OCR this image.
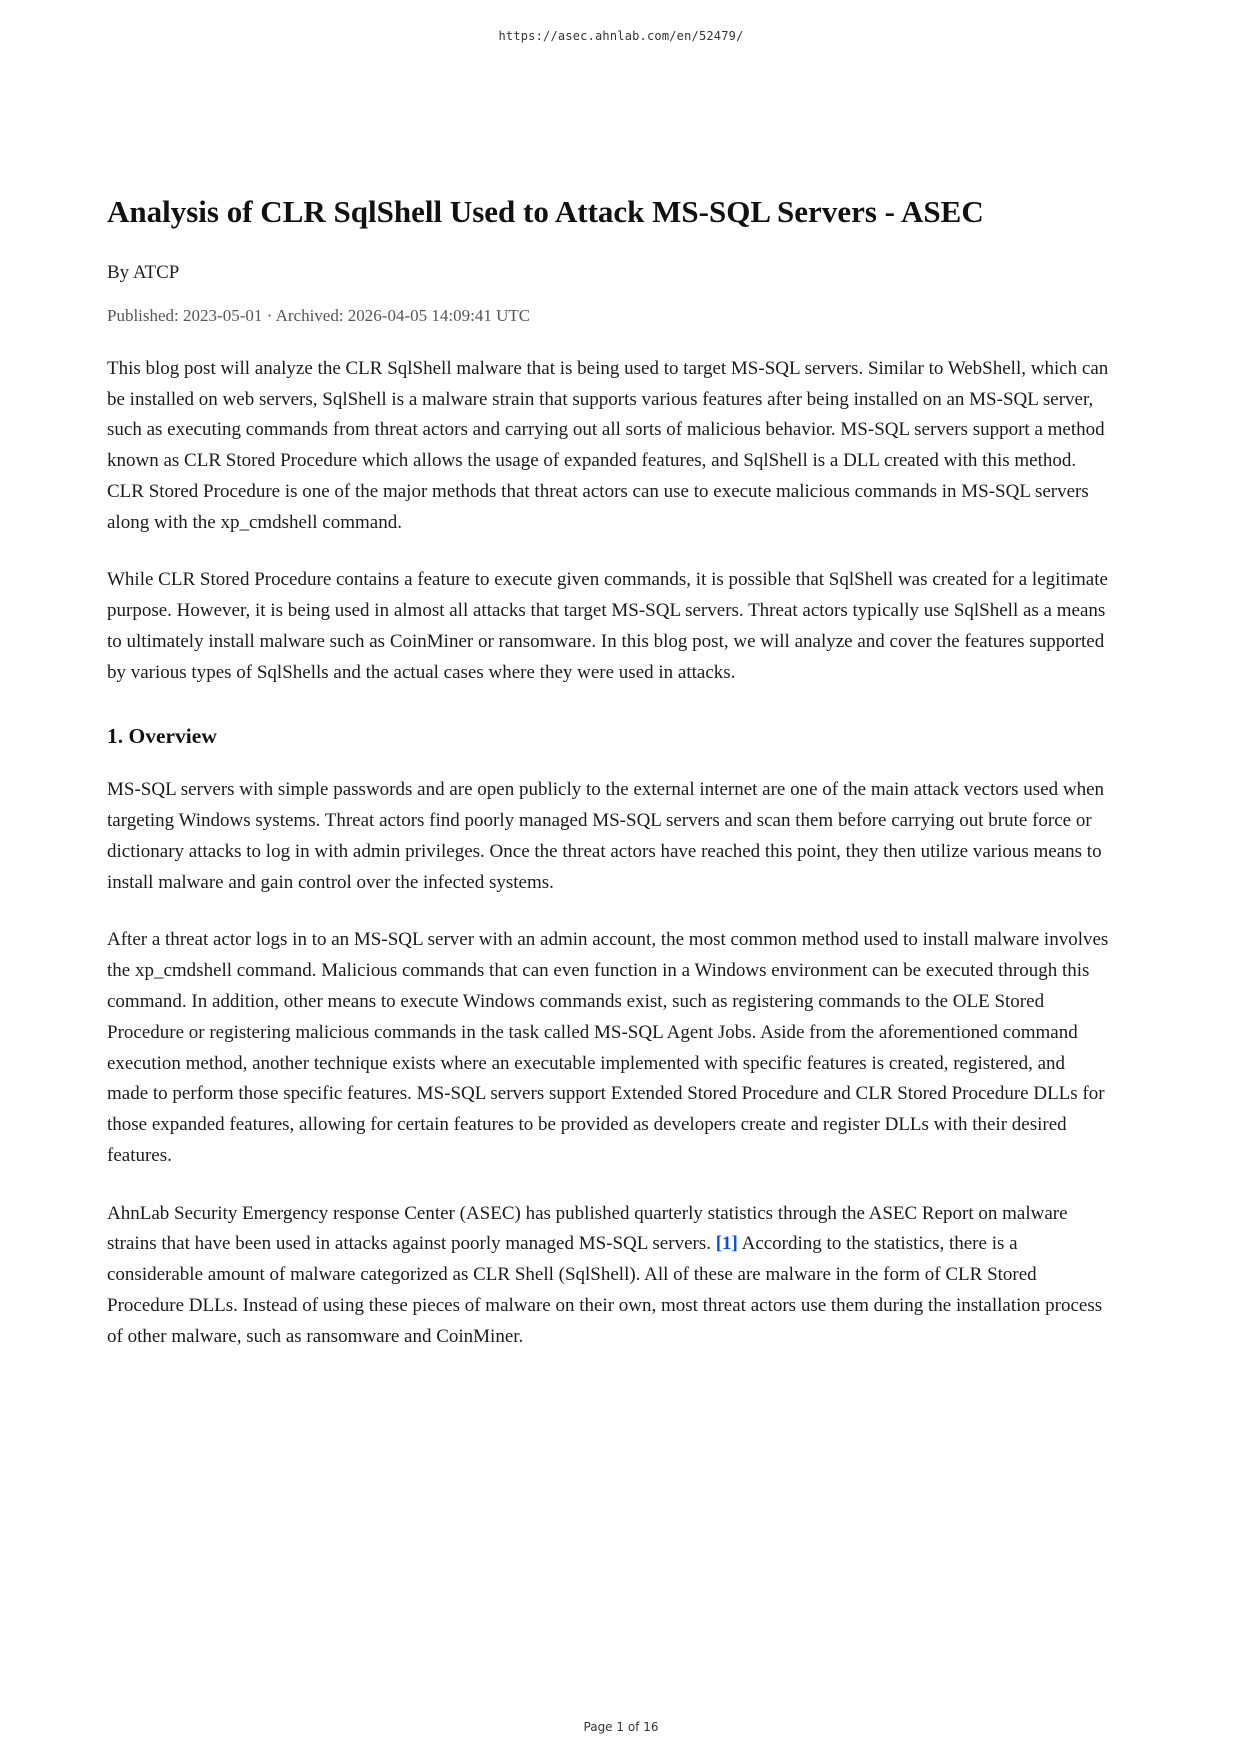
https://asec.ahnlab.com/en/52479/
Analysis of CLR SqlShell Used to Attack MS-SQL Servers - ASEC
By ATCP
Published: 2023-05-01 · Archived: 2026-04-05 14:09:41 UTC

This blog post will analyze the CLR SqlShell malware that is being used to target MS-SQL servers. Similar to WebShell, which can be installed on web servers, SqlShell is a malware strain that supports various features after being installed on an MS-SQL server, such as executing commands from threat actors and carrying out all sorts of malicious behavior. MS-SQL servers support a method known as CLR Stored Procedure which allows the usage of expanded features, and SqlShell is a DLL created with this method. CLR Stored Procedure is one of the major methods that threat actors can use to execute malicious commands in MS-SQL servers along with the xp_cmdshell command.

While CLR Stored Procedure contains a feature to execute given commands, it is possible that SqlShell was created for a legitimate purpose. However, it is being used in almost all attacks that target MS-SQL servers. Threat actors typically use SqlShell as a means to ultimately install malware such as CoinMiner or ransomware. In this blog post, we will analyze and cover the features supported by various types of SqlShells and the actual cases where they were used in attacks.

1. Overview

MS-SQL servers with simple passwords and are open publicly to the external internet are one of the main attack vectors used when targeting Windows systems. Threat actors find poorly managed MS-SQL servers and scan them before carrying out brute force or dictionary attacks to log in with admin privileges. Once the threat actors have reached this point, they then utilize various means to install malware and gain control over the infected systems.

After a threat actor logs in to an MS-SQL server with an admin account, the most common method used to install malware involves the xp_cmdshell command. Malicious commands that can even function in a Windows environment can be executed through this command. In addition, other means to execute Windows commands exist, such as registering commands to the OLE Stored Procedure or registering malicious commands in the task called MS-SQL Agent Jobs. Aside from the aforementioned command execution method, another technique exists where an executable implemented with specific features is created, registered, and made to perform those specific features. MS-SQL servers support Extended Stored Procedure and CLR Stored Procedure DLLs for those expanded features, allowing for certain features to be provided as developers create and register DLLs with their desired features.

AhnLab Security Emergency response Center (ASEC) has published quarterly statistics through the ASEC Report on malware strains that have been used in attacks against poorly managed MS-SQL servers. [1] According to the statistics, there is a considerable amount of malware categorized as CLR Shell (SqlShell). All of these are malware in the form of CLR Stored Procedure DLLs. Instead of using these pieces of malware on their own, most threat actors use them during the installation process of other malware, such as ransomware and CoinMiner.

Page 1 of 16
